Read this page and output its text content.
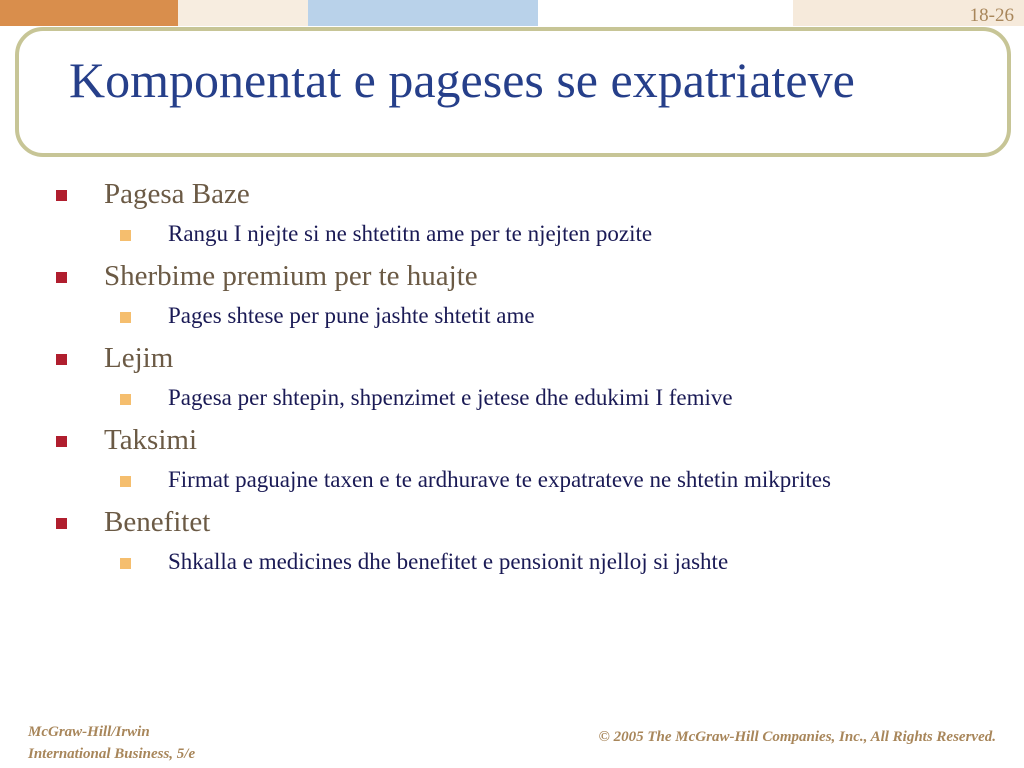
18-26
Komponentat e pageses se expatriateve
Pagesa Baze
Rangu I njejte si ne shtetitn ame per te njejten pozite
Sherbime premium per te huajte
Pages shtese per pune jashte shtetit ame
Lejim
Pagesa per shtepin, shpenzimet e jetese dhe edukimi I femive
Taksimi
Firmat paguajne taxen e te ardhurave te expatrateve ne shtetin mikprites
Benefitet
Shkalla e medicines dhe benefitet e pensionit njelloj si jashte
McGraw-Hill/Irwin
International Business, 5/e
© 2005 The McGraw-Hill Companies, Inc., All Rights Reserved.
